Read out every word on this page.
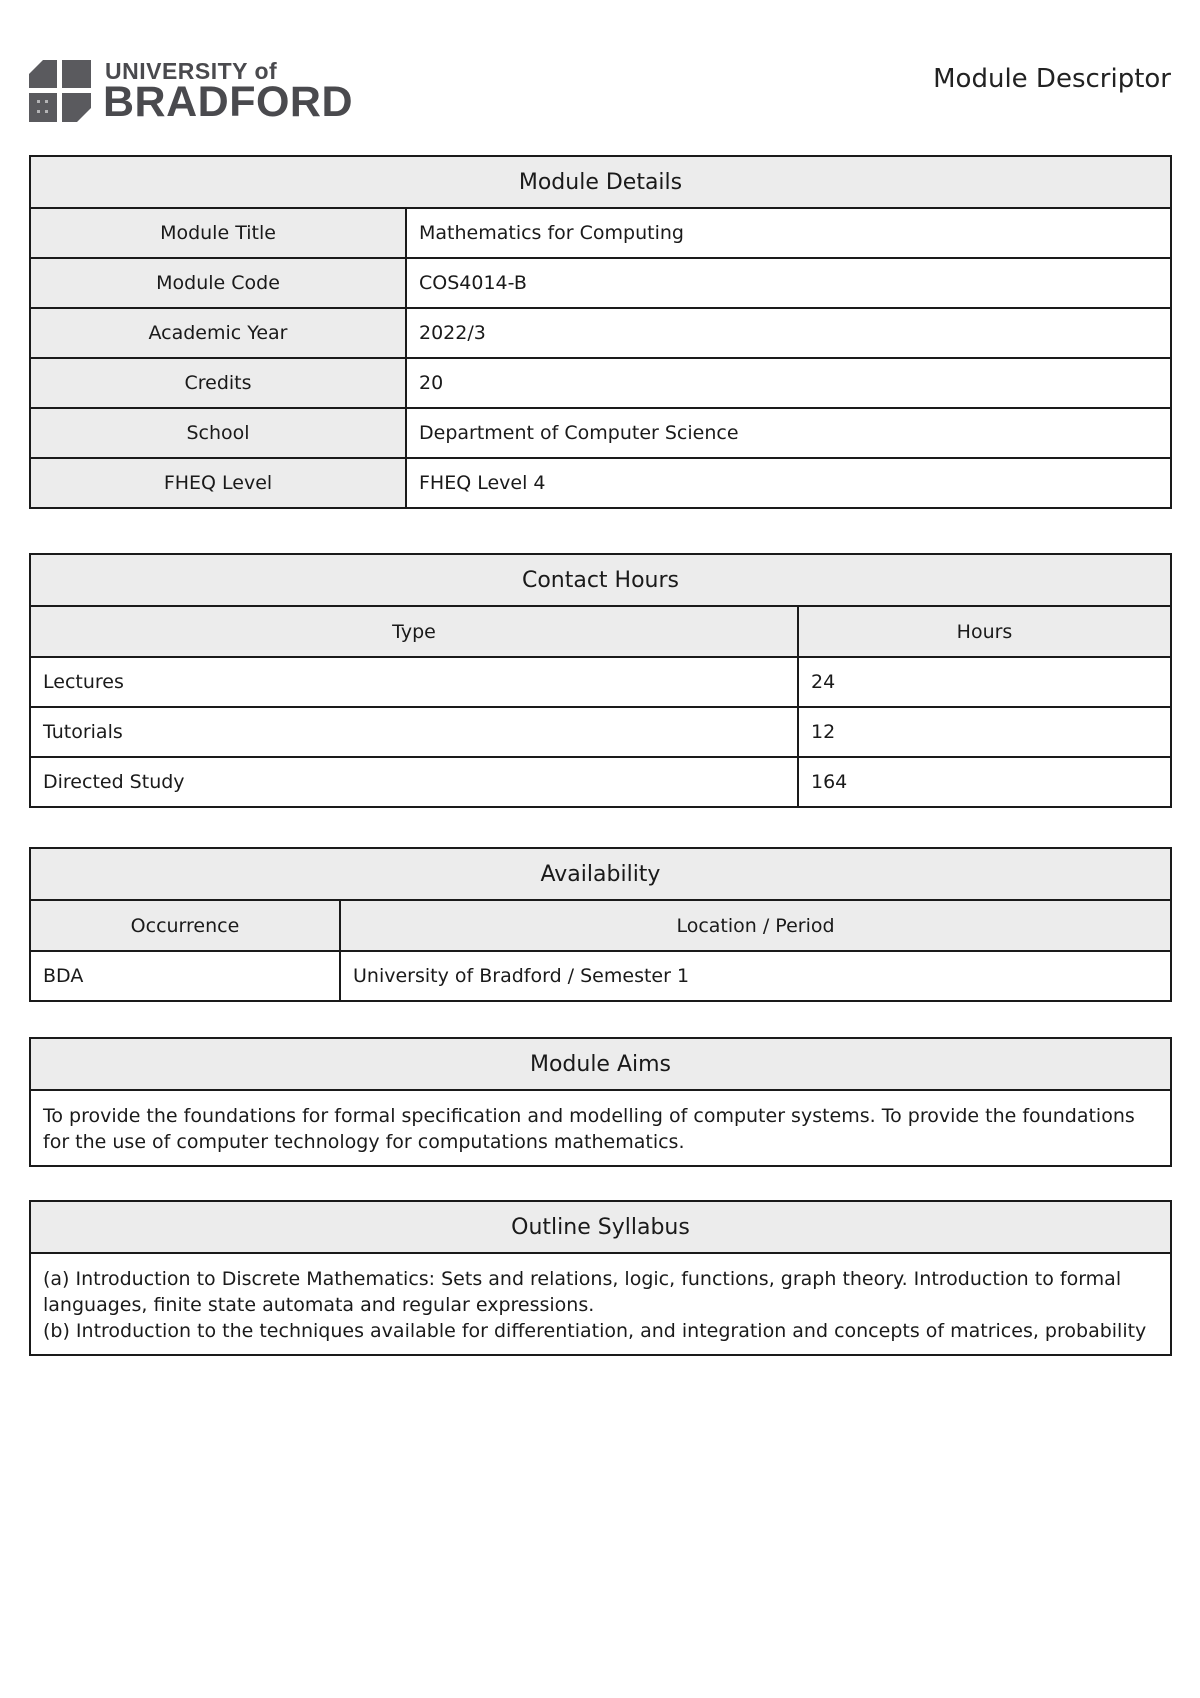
UNIVERSITY of
BRADFORD	Module Descriptor
Module Details	
Module Title	Mathematics for Computing
Module Code	COS4014-B
Academic Year	2022/3
Credits	20
School	Department of Computer Science
FHEQ Level	FHEQ Level 4
Contact Hours	
Type	Hours
Lectures	24
Tutorials	12
Directed Study	164
Availability	
Occurrence	Location / Period
BDA	University of Bradford / Semester 1
Module Aims
To provide the foundations for formal specification and modelling of computer systems. To provide the foundations for the use of computer technology for computations mathematics.
Outline Syllabus

(a) Introduction to Discrete Mathematics: Sets and relations, logic, functions, graph theory. Introduction to formal languages, finite state automata and regular expressions.
(b) Introduction to the techniques available for differentiation, and integration and concepts of matrices, probability
